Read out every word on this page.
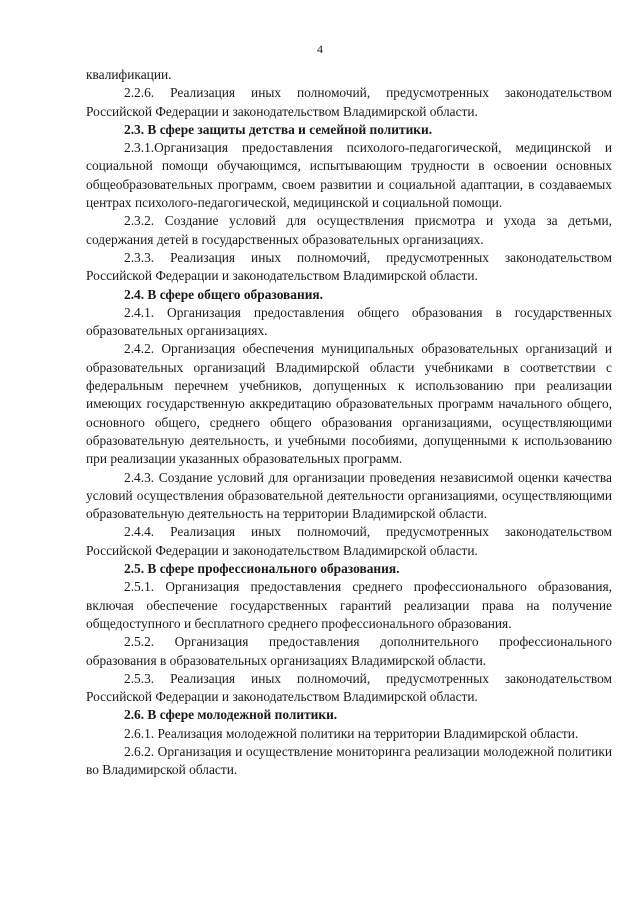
4

квалификации.

2.2.6. Реализация иных полномочий, предусмотренных законодательством Российской Федерации и законодательством Владимирской области.

2.3. В сфере защиты детства и семейной политики.

2.3.1.Организация предоставления психолого-педагогической, медицинской и социальной помощи обучающимся, испытывающим трудности в освоении основных общеобразовательных программ, своем развитии и социальной адаптации, в создаваемых центрах психолого-педагогической, медицинской и социальной помощи.

2.3.2. Создание условий для осуществления присмотра и ухода за детьми, содержания детей в государственных образовательных организациях.

2.3.3. Реализация иных полномочий, предусмотренных законодательством Российской Федерации и законодательством Владимирской области.

2.4. В сфере общего образования.

2.4.1. Организация предоставления общего образования в государственных образовательных организациях.

2.4.2. Организация обеспечения муниципальных образовательных организаций и образовательных организаций Владимирской области учебниками в соответствии с федеральным перечнем учебников, допущенных к использованию при реализации имеющих государственную аккредитацию образовательных программ начального общего, основного общего, среднего общего образования организациями, осуществляющими образовательную деятельность, и учебными пособиями, допущенными к использованию при реализации указанных образовательных программ.

2.4.3. Создание условий для организации проведения независимой оценки качества условий осуществления образовательной деятельности организациями, осуществляющими образовательную деятельность на территории Владимирской области.

2.4.4. Реализация иных полномочий, предусмотренных законодательством Российской Федерации и законодательством Владимирской области.

2.5. В сфере профессионального образования.

2.5.1. Организация предоставления среднего профессионального образования, включая обеспечение государственных гарантий реализации права на получение общедоступного и бесплатного среднего профессионального образования.

2.5.2. Организация предоставления дополнительного профессионального образования в образовательных организациях Владимирской области.

2.5.3. Реализация иных полномочий, предусмотренных законодательством Российской Федерации и законодательством Владимирской области.

2.6. В сфере молодежной политики.

2.6.1. Реализация молодежной политики на территории Владимирской области.

2.6.2. Организация и осуществление мониторинга реализации молодежной политики во Владимирской области.
